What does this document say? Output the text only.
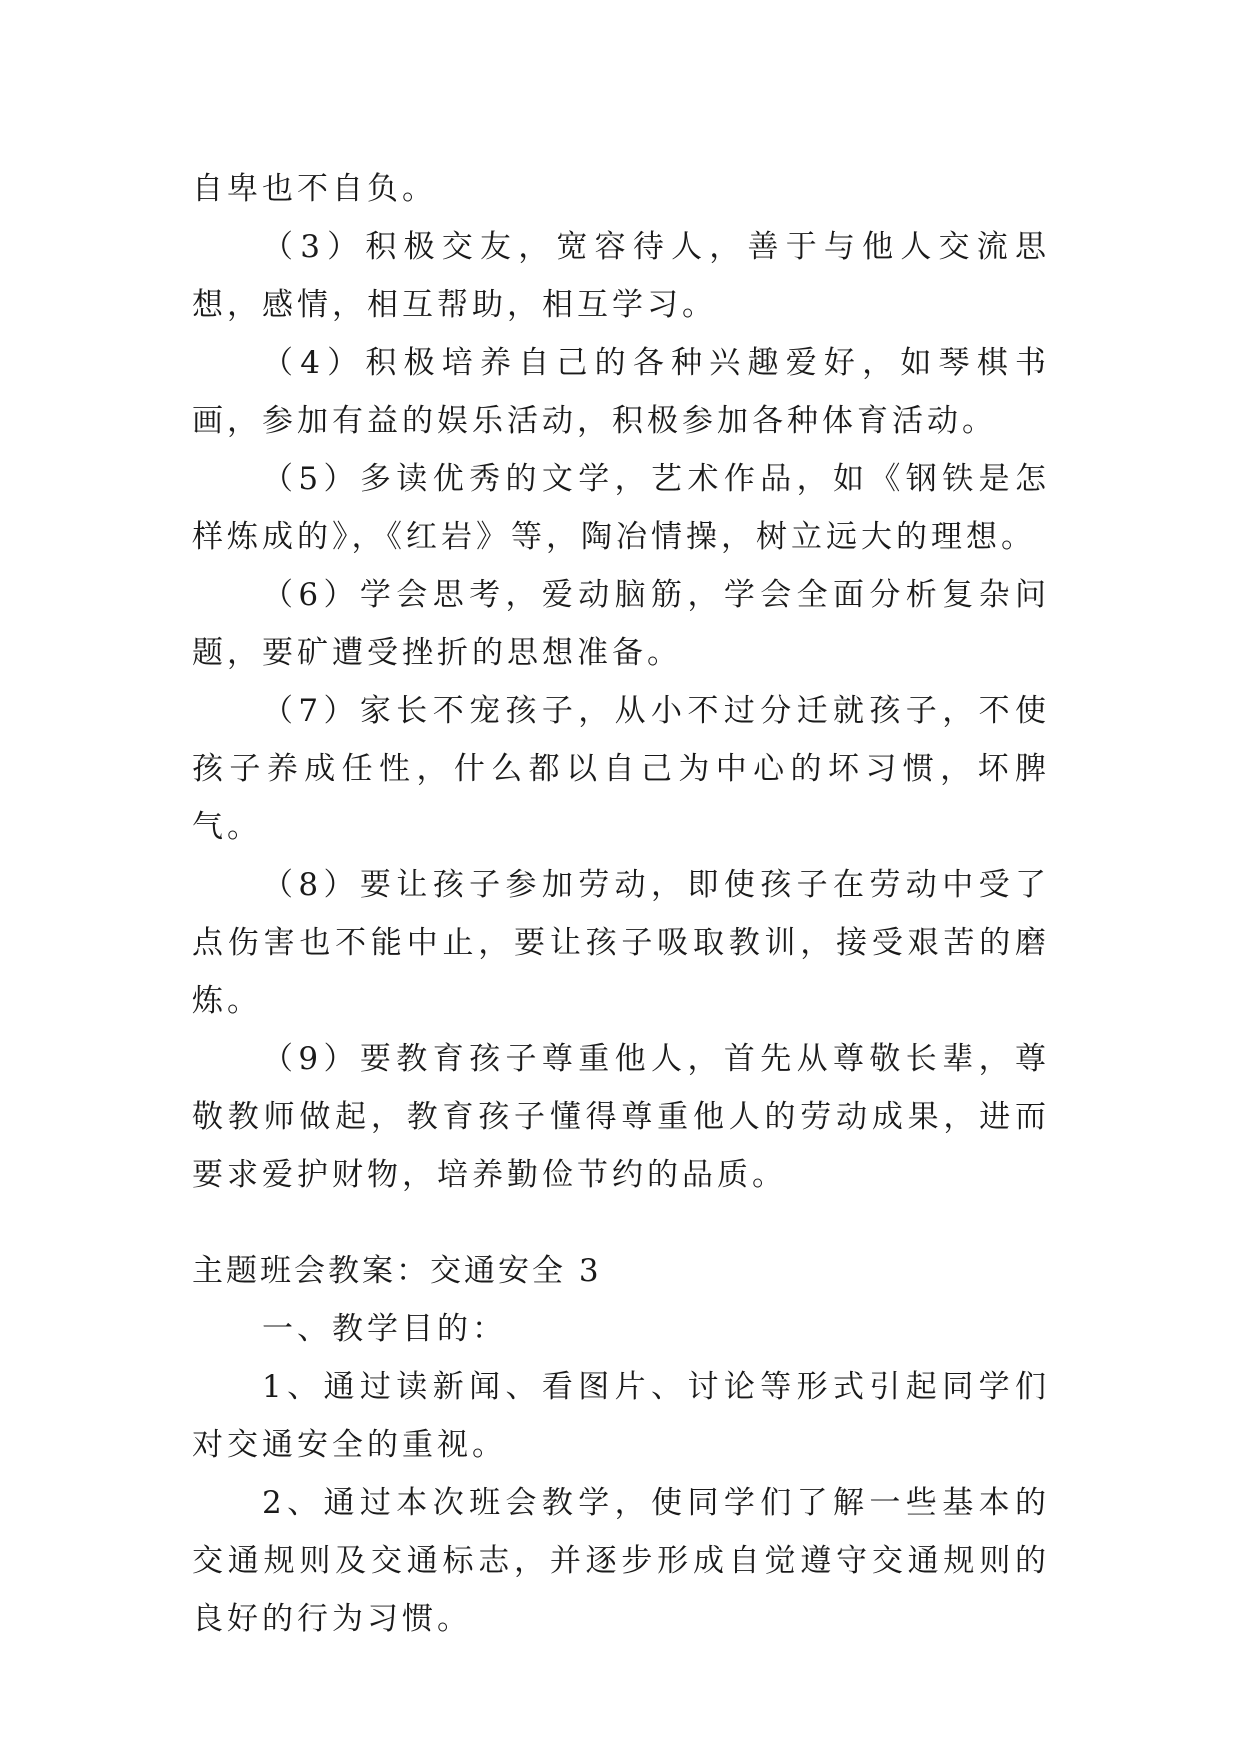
自卑也不自负。

（3）积极交友，宽容待人，善于与他人交流思想，感情，相互帮助，相互学习。

（4）积极培养自己的各种兴趣爱好，如琴棋书画，参加有益的娱乐活动，积极参加各种体育活动。

（5）多读优秀的文学，艺术作品，如《钢铁是怎样炼成的》，《红岩》等，陶冶情操，树立远大的理想。

（6）学会思考，爱动脑筋，学会全面分析复杂问题，要矿遭受挫折的思想准备。

（7）家长不宠孩子，从小不过分迁就孩子，不使孩子养成任性，什么都以自己为中心的坏习惯，坏脾气。

（8）要让孩子参加劳动，即使孩子在劳动中受了点伤害也不能中止，要让孩子吸取教训，接受艰苦的磨炼。

（9）要教育孩子尊重他人，首先从尊敬长辈，尊敬教师做起，教育孩子懂得尊重他人的劳动成果，进而要求爱护财物，培养勤俭节约的品质。

主题班会教案：交通安全 3

一、教学目的：

1、通过读新闻、看图片、讨论等形式引起同学们对交通安全的重视。

2、通过本次班会教学，使同学们了解一些基本的交通规则及交通标志，并逐步形成自觉遵守交通规则的良好的行为习惯。
